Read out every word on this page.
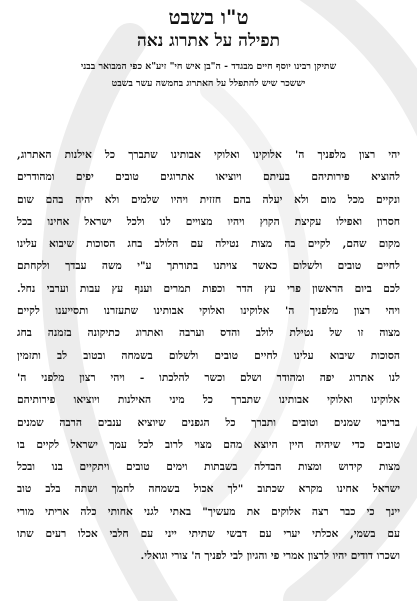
ט"ו בשבט
תפילה על אתרוג נאה

שתיקן רבינו יוסף חיים מבגדד - ה"בן איש חי" זיע"א כפי המבואר בבני

יששכר שיש להתפלל על האתרוג בחמשה עשר בשבט

יהי רצון מלפניך ה' אלוקינו ואלוקי אבותינו שתברך כל אילנות האתרוג,
להוציא פירותיהם בעיתם ויוציאו אתרוגים טובים יפים ומהודרים
ונקיים מכל מום ולא יעלה בהם חזזית ויהיו שלמים ולא יהיה בהם שום
חסרון ואפילו עקיצת הקוץ ויהיו מצויים לנו ולכל ישראל אחינו בכל
מקום שהם, לקיים בה מצות נטילה עם הלולב בחג הסוכות שיבוא עלינו
לחיים טובים ולשלום כאשר צויתנו בתורתך ע"י משה עבדך ולקחתם
לכם ביום הראשון פרי עץ הדר וכפות תמרים וענף עץ עבות וערבי נחל.
ויהי רצון מלפניך ה' אלוקינו ואלוקי אבותינו שתעזרנו ותסייענו לקיים
מצוה זו של נטילת לולב והדס וערבה ואתרוג כתיקונה בזמנה בחג
הסוכות שיבוא עלינו לחיים טובים ולשלום בשמחה ובטוב לב ותזמין
לנו אתרוג יפה ומהודר ושלם וכשר להלכתו - ויהי רצון מלפני ה'
אלוקינו ואלוקי אבותינו שתברך כל מיני האילנות ויוציאו פירותיהם
בריבוי שמנים וטובים ותברך כל הגפנים שיוציא ענבים הרבה שמנים
טובים כדי שיהיה היין היוצא מהם מצוי לרוב לכל עמך ישראל לקיים בו
מצות קידוש ומצות הבדלה בשבתות וימים טובים ויתקיים בנו ובכל
ישראל אחינו מקרא שכתוב "לך אכול בשמחה לחמך ושתה בלב טוב
יינך כי כבר רצה אלוקים את מעשיך" באתי לגני אחותי כלה אריתי מורי
עם בשמי, אכלתי יערי עם דבשי שתיתי ייני עם חלבי אכלו רעים שתו
ושכרו דודים יהיו לרצון אמרי פי והגיון לבי לפניך ה' צורי וגואלי.
